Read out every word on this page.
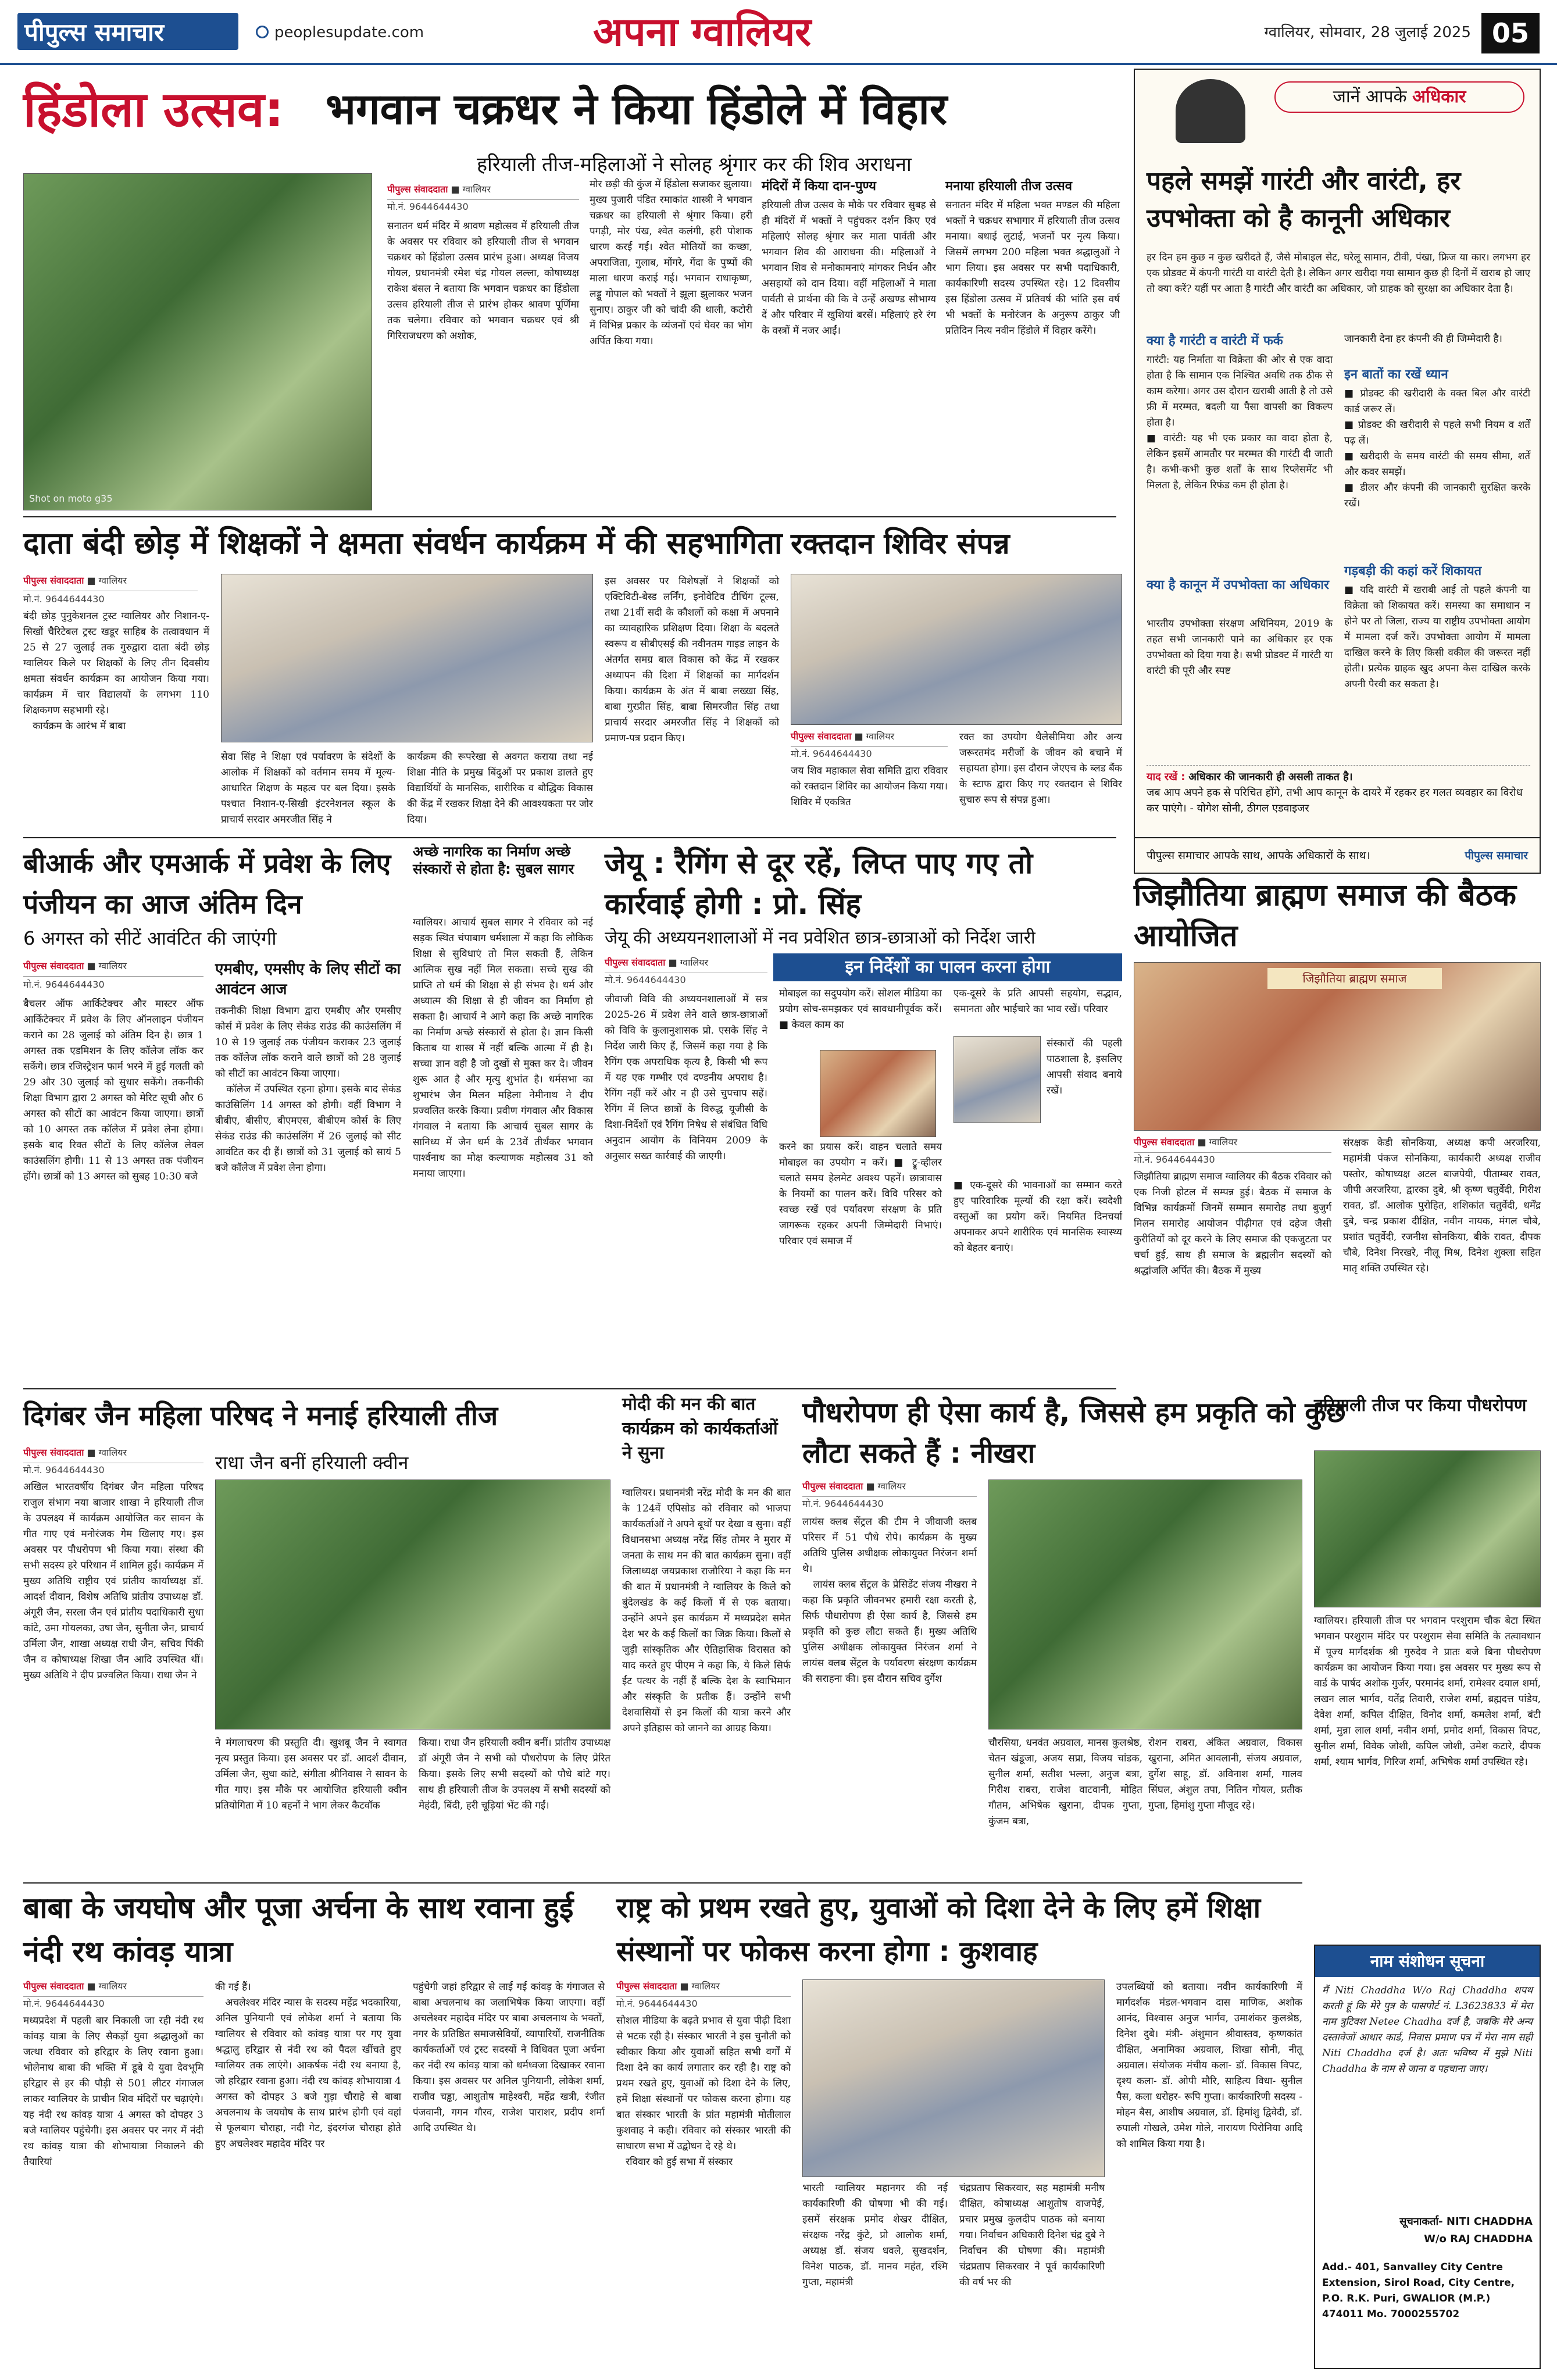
पीपुल्स समाचार	peoplesupdate.com	अपना ग्वालियर	ग्वालियर, सोमवार, 28 जुलाई 2025 05
हिंडोला उत्सव: भगवान चक्रधर ने किया हिंडोले में विहार
हरियाली तीज-महिलाओं ने सोलह श्रृंगार कर की शिव अराधना
Shot on moto g35
पीपुल्स संवाददाता ■ ग्वालियर
मो.नं. 9644644430
सनातन धर्म मंदिर में श्रावण महोत्सव में हरियाली तीज के अवसर पर रविवार को हरियाली तीज से भगवान चक्रधर को हिंडोला उत्सव प्रारंभ हुआ। अध्यक्ष विजय गोयल, प्रधानमंत्री रमेश चंद्र गोयल लल्ला, कोषाध्यक्ष राकेश बंसल ने बताया कि भगवान चक्रधर का हिंडोला उत्सव हरियाली तीज से प्रारंभ होकर श्रावण पूर्णिमा तक चलेगा। रविवार को भगवान चक्रधर एवं श्री गिरिराजधरण को अशोक,
मोर छड़ी की कुंज में हिंडोला सजाकर झुलाया। मुख्य पुजारी पंडित रमाकांत शास्त्री ने भगवान चक्रधर का हरियाली से श्रृंगार किया। हरी पगड़ी, मोर पंख, श्वेत कलंगी, हरी पोशाक धारण करई गई। श्वेत मोतियों का कच्छा, अपराजिता, गुलाब, मोंगरे, गेंदा के पुष्पों की माला धारण कराई गई। भगवान राधाकृष्ण, लड्डू गोपाल को भक्तों ने झूला झुलाकर भजन सुनाए। ठाकुर जी को चांदी की थाली, कटोरी में विभिन्न प्रकार के व्यंजनों एवं घेवर का भोग अर्पित किया गया।
मंदिरों में किया दान-पुण्य
हरियाली तीज उत्सव के मौके पर रविवार सुबह से ही मंदिरों में भक्तों ने पहुंचकर दर्शन किए एवं महिलाएं सोलह श्रृंगार कर माता पार्वती और भगवान शिव की आराधना की। महिलाओं ने भगवान शिव से मनोकामनाएं मांगकर निर्धन और असहायों को दान दिया। वहीं महिलाओं ने माता पार्वती से प्रार्थना की कि वे उन्हें अखण्ड सौभाग्य दें और परिवार में खुशियां बरसें। महिलाएं हरे रंग के वस्त्रों में नजर आईं।
मनाया हरियाली तीज उत्सव
सनातन मंदिर में महिला भक्त मण्डल की महिला भक्तों ने चक्रधर सभागार में हरियाली तीज उत्सव मनाया। बधाई लुटाई, भजनों पर नृत्य किया। जिसमें लगभग 200 महिला भक्त श्रद्धालुओं ने भाग लिया। इस अवसर पर सभी पदाधिकारी, कार्यकारिणी सदस्य उपस्थित रहे। 12 दिवसीय इस हिंडोला उत्सव में प्रतिवर्ष की भांति इस वर्ष भी भक्तों के मनोरंजन के अनुरूप ठाकुर जी प्रतिदिन नित्य नवीन हिंडोले में विहार करेंगे।
जानें आपके अधिकार
पहले समझें गारंटी और वारंटी, हर उपभोक्ता को है कानूनी अधिकार
हर दिन हम कुछ न कुछ खरीदते हैं, जैसे मोबाइल सेट, घरेलू सामान, टीवी, पंखा, फ्रिज या कार। लगभग हर एक प्रोडक्ट में कंपनी गारंटी या वारंटी देती है। लेकिन अगर खरीदा गया सामान कुछ ही दिनों में खराब हो जाए तो क्या करें? यहीं पर आता है गारंटी और वारंटी का अधिकार, जो ग्राहक को सुरक्षा का अधिकार देता है।
क्या है गारंटी व वारंटी में फर्क
गारंटी: यह निर्माता या विक्रेता की ओर से एक वादा होता है कि सामान एक निश्चित अवधि तक ठीक से काम करेगा। अगर उस दौरान खराबी आती है तो उसे फ्री में मरम्मत, बदली या पैसा वापसी का विकल्प होता है।
■ वारंटी: यह भी एक प्रकार का वादा होता है, लेकिन इसमें आमतौर पर मरम्मत की गारंटी दी जाती है। कभी-कभी कुछ शर्तों के साथ रिप्लेसमेंट भी मिलता है, लेकिन रिफंड कम ही होता है।
क्या है कानून में उपभोक्ता का अधिकार
भारतीय उपभोक्ता संरक्षण अधिनियम, 2019 के तहत सभी जानकारी पाने का अधिकार हर एक उपभोक्ता को दिया गया है। सभी प्रोडक्ट में गारंटी या वारंटी की पूरी और स्पष्ट
जानकारी देना हर कंपनी की ही जिम्मेदारी है।
इन बातों का रखें ध्यान
■ प्रोडक्ट की खरीदारी के वक्त बिल और वारंटी कार्ड जरूर लें।
■ प्रोडक्ट की खरीदारी से पहले सभी नियम व शर्तें पढ़ लें।
■ खरीदारी के समय वारंटी की समय सीमा, शर्तें और कवर समझें।
■ डीलर और कंपनी की जानकारी सुरक्षित करके रखें।
गड़बड़ी की कहां करें शिकायत
■ यदि वारंटी में खराबी आई तो पहले कंपनी या विक्रेता को शिकायत करें। समस्या का समाधान न होने पर तो जिला, राज्य या राष्ट्रीय उपभोक्ता आयोग में मामला दर्ज करें। उपभोक्ता आयोग में मामला दाखिल करने के लिए किसी वकील की जरूरत नहीं होती। प्रत्येक ग्राहक खुद अपना केस दाखिल करके अपनी पैरवी कर सकता है।
याद रखें : अधिकार की जानकारी ही असली ताकत है।
जब आप अपने हक से परिचित होंगे, तभी आप कानून के दायरे में रहकर हर गलत व्यवहार का विरोध कर पाएंगे। - योगेश सोनी, ठीगल एडवाइजर
पीपुल्स समाचार आपके साथ, आपके अधिकारों के साथ।	पीपुल्स समाचार
दाता बंदी छोड़ में शिक्षकों ने क्षमता संवर्धन कार्यक्रम में की सहभागिता
पीपुल्स संवाददाता ■ ग्वालियर
मो.नं. 9644644430
बंदी छोड़ पुनुकेशनल ट्रस्ट ग्वालियर और निशान-ए-सिखों चैरिटेबल ट्रस्ट खडूर साहिब के तत्वावधान में 25 से 27 जुलाई तक गुरुद्वारा दाता बंदी छोड़ ग्वालियर किले पर शिक्षकों के लिए तीन दिवसीय क्षमता संवर्धन कार्यक्रम का आयोजन किया गया। कार्यक्रम में चार विद्यालयों के लगभग 110 शिक्षकगण सहभागी रहे।
कार्यक्रम के आरंभ में बाबा
सेवा सिंह ने शिक्षा एवं पर्यावरण के संदेशों के आलोक में शिक्षकों को वर्तमान समय में मूल्य-आधारित शिक्षण के महत्व पर बल दिया। इसके पश्चात निशान-ए-सिखी इंटरनेशनल स्कूल के प्राचार्य सरदार अमरजीत सिंह ने
कार्यक्रम की रूपरेखा से अवगत कराया तथा नई शिक्षा नीति के प्रमुख बिंदुओं पर प्रकाश डालते हुए विद्यार्थियों के मानसिक, शारीरिक व बौद्धिक विकास की केंद्र में रखकर शिक्षा देने की आवश्यकता पर जोर दिया।
इस अवसर पर विशेषज्ञों ने शिक्षकों को एक्टिविटी-बेस्ड लर्निंग, इनोवेटिव टीचिंग टूल्स, तथा 21वीं सदी के कौशलों को कक्षा में अपनाने का व्यावहारिक प्रशिक्षण दिया। शिक्षा के बदलते स्वरूप व सीबीएसई की नवीनतम गाइड लाइन के अंतर्गत समग्र बाल विकास को केंद्र में रखकर अध्यापन की दिशा में शिक्षकों का मार्गदर्शन किया। कार्यक्रम के अंत में बाबा लख्खा सिंह, बाबा गुरप्रीत सिंह, बाबा सिमरजीत सिंह तथा प्राचार्य सरदार अमरजीत सिंह ने शिक्षकों को प्रमाण-पत्र प्रदान किए।
रक्तदान शिविर संपन्न
पीपुल्स संवाददाता ■ ग्वालियर
मो.नं. 9644644430
जय शिव महाकाल सेवा समिति द्वारा रविवार को रक्तदान शिविर का आयोजन किया गया। शिविर में एकत्रित
रक्त का उपयोग थैलेसीमिया और अन्य जरूरतमंद मरीजों के जीवन को बचाने में सहायता होगा। इस दौरान जेएएच के ब्लड बैंक के स्टाफ द्वारा किए गए रक्तदान से शिविर सुचारु रूप से संपन्न हुआ।
बीआर्क और एमआर्क में प्रवेश के लिए पंजीयन का आज अंतिम दिन
6 अगस्त को सीटें आवंटित की जाएंगी
पीपुल्स संवाददाता ■ ग्वालियर
मो.नं. 9644644430
बैचलर ऑफ आर्किटेक्चर और मास्टर ऑफ आर्किटेक्चर में प्रवेश के लिए ऑनलाइन पंजीयन कराने का 28 जुलाई को अंतिम दिन है। छात्र 1 अगस्त तक एडमिशन के लिए कॉलेज लॉक कर सकेंगे। छात्र रजिस्ट्रेशन फार्म भरने में हुई गलती को 29 और 30 जुलाई को सुधार सकेंगे। तकनीकी शिक्षा विभाग द्वारा 2 अगस्त को मेरिट सूची और 6 अगस्त को सीटों का आवंटन किया जाएगा। छात्रों को 10 अगस्त तक कॉलेज में प्रवेश लेना होगा। इसके बाद रिक्त सीटों के लिए कॉलेज लेवल काउंसलिंग होगी। 11 से 13 अगस्त तक पंजीयन होंगे। छात्रों को 13 अगस्त को सुबह 10:30 बजे
एमबीए, एमसीए के लिए सीटों का आवंटन आज
तकनीकी शिक्षा विभाग द्वारा एमबीए और एमसीए कोर्स में प्रवेश के लिए सेकंड राउंड की काउंसलिंग में 10 से 19 जुलाई तक पंजीयन कराकर 23 जुलाई तक कॉलेज लॉक कराने वाले छात्रों को 28 जुलाई को सीटों का आवंटन किया जाएगा।
कॉलेज में उपस्थित रहना होगा। इसके बाद सेकंड काउंसिलिंग 14 अगस्त को होगी। वहीं विभाग ने बीबीए, बीसीए, बीएमएस, बीबीएम कोर्स के लिए सेकंड राउंड की काउंसलिंग में 26 जुलाई को सीट आवंटित कर दी हैं। छात्रों को 31 जुलाई को सायं 5 बजे कॉलेज में प्रवेश लेना होगा।
अच्छे नागरिक का निर्माण अच्छे संस्कारों से होता है: सुबल सागर
ग्वालियर। आचार्य सुबल सागर ने रविवार को नई सड़क स्थित चंपाबाग धर्मशाला में कहा कि लौकिक शिक्षा से सुविधाएं तो मिल सकती हैं, लेकिन आत्मिक सुख नहीं मिल सकता। सच्चे सुख की प्राप्ति तो धर्म की शिक्षा से ही संभव है। धर्म और अध्यात्म की शिक्षा से ही जीवन का निर्माण हो सकता है। आचार्य ने आगे कहा कि अच्छे नागरिक का निर्माण अच्छे संस्कारों से होता है। ज्ञान किसी किताब या शास्त्र में नहीं बल्कि आत्मा में ही है। सच्चा ज्ञान वही है जो दुखों से मुक्त कर दे। जीवन शुरू आत है और मृत्यु शुभांत है। धर्मसभा का शुभारंभ जैन मिलन महिला नेमीनाथ ने दीप प्रज्वलित करके किया। प्रवीण गंगवाल और विकास गंगवाल ने बताया कि आचार्य सुबल सागर के सानिध्य में जैन धर्म के 23वें तीर्थंकर भगवान पार्श्वनाथ का मोक्ष कल्याणक महोत्सव 31 को मनाया जाएगा।
जेयू : रैगिंग से दूर रहें, लिप्त पाए गए तो कार्रवाई होगी : प्रो. सिंह
जेयू की अध्ययनशालाओं में नव प्रवेशित छात्र-छात्राओं को निर्देश जारी
पीपुल्स संवाददाता ■ ग्वालियर
मो.नं. 9644644430
इन निर्देशों का पालन करना होगा
जीवाजी विवि की अध्ययनशालाओं में सत्र 2025-26 में प्रवेश लेने वाले छात्र-छात्राओं को विवि के कुलानुशासक प्रो. एसके सिंह ने निर्देश जारी किए हैं, जिसमें कहा गया है कि रैगिंग एक अपराधिक कृत्य है, किसी भी रूप में यह एक गम्भीर एवं दण्डनीय अपराध है। रैगिंग नहीं करें और न ही उसे चुपचाप सहें। रैगिंग में लिप्त छात्रों के विरुद्ध यूजीसी के दिशा-निर्देशों एवं रैगिंग निषेध से संबंधित विधि अनुदान आयोग के विनियम 2009 के अनुसार सख्त कार्रवाई की जाएगी।
मोबाइल का सदुपयोग करें। सोशल मीडिया का प्रयोग सोच-समझकर एवं सावधानीपूर्वक करें। ■ केवल काम का
करने का प्रयास करें। वाहन चलाते समय मोबाइल का उपयोग न करें। ■ ट्रू-व्हीलर चलाते समय हेलमेट अवश्य पहनें। छात्रावास के नियमों का पालन करें। विवि परिसर को स्वच्छ रखें एवं पर्यावरण संरक्षण के प्रति जागरूक रहकर अपनी जिम्मेदारी निभाएं। परिवार एवं समाज में
एक-दूसरे के प्रति आपसी सहयोग, सद्भाव, समानता और भाईचारे का भाव रखें। परिवार
संस्कारों की पहली पाठशाला है, इसलिए आपसी संवाद बनाये रखें।
■ एक-दूसरे की भावनाओं का सम्मान करते हुए पारिवारिक मूल्यों की रक्षा करें। स्वदेशी वस्तुओं का प्रयोग करें। नियमित दिनचर्या अपनाकर अपने शारीरिक एवं मानसिक स्वास्थ्य को बेहतर बनाएं।
जिझौतिया ब्राह्मण समाज की बैठक आयोजित
जिझौतिया ब्राह्मण समाज
पीपुल्स संवाददाता ■ ग्वालियर
मो.नं. 9644644430
जिझौतिया ब्राह्मण समाज ग्वालियर की बैठक रविवार को एक निजी होटल में सम्पन्न हुई। बैठक में समाज के विभिन्न कार्यक्रमों जिनमें सम्मान समारोह तथा बुजुर्ग मिलन समारोह आयोजन पीढ़ीगत एवं दहेज जैसी कुरीतियों को दूर करने के लिए समाज की एकजुटता पर चर्चा हुई, साथ ही समाज के ब्रह्मलीन सदस्यों को श्रद्धांजलि अर्पित की। बैठक में मुख्य
संरक्षक केडी सोनकिया, अध्यक्ष कपी अरजरिया, महामंत्री पंकज सोनकिया, कार्यकारी अध्यक्ष राजीव पस्तोर, कोषाध्यक्ष अटल बाजपेयी, पीताम्बर रावत, जीपी अरजरिया, द्वारका दुबे, श्री कृष्ण चतुर्वेदी, गिरीश रावत, डॉ. आलोक पुरोहित, शशिकांत चतुर्वेदी, धर्मेंद्र दुबे, चन्द्र प्रकाश दीक्षित, नवीन नायक, मंगल चौबे, प्रशांत चतुर्वेदी, रजनीश सोनकिया, बीके रावत, दीपक चौबे, दिनेश निरखरे, नीलू मिश्र, दिनेश शुक्ला सहित मातृ शक्ति उपस्थित रहे।
दिगंबर जैन महिला परिषद ने मनाई हरियाली तीज
पीपुल्स संवाददाता ■ ग्वालियर
मो.नं. 9644644430
अखिल भारतवर्षीय दिगंबर जैन महिला परिषद राजुल संभाग नया बाजार शाखा ने हरियाली तीज के उपलक्ष्य में कार्यक्रम आयोजित कर सावन के गीत गाए एवं मनोरंजक गेम खिलाए गए। इस अवसर पर पौधरोपण भी किया गया। संस्था की सभी सदस्य हरे परिधान में शामिल हुईं। कार्यक्रम में मुख्य अतिथि राष्ट्रीय एवं प्रांतीय कार्याध्यक्ष डॉ. आदर्श दीवान, विशेष अतिथि प्रांतीय उपाध्यक्ष डॉ. अंगूरी जैन, सरला जैन एवं प्रांतीय पदाधिकारी सुधा कांटे, उमा गोयलका, उषा जैन, सुनीता जैन, प्राचार्य उर्मिला जैन, शाखा अध्यक्ष राधी जैन, सचिव पिंकी जैन व कोषाध्यक्ष शिखा जैन आदि उपस्थित थीं। मुख्य अतिथि ने दीप प्रज्वलित किया। राधा जैन ने
राधा जैन बनीं हरियाली क्वीन
ने मंगलाचरण की प्रस्तुति दी। खुशबू जैन ने स्वागत नृत्य प्रस्तुत किया। इस अवसर पर डॉ. आदर्श दीवान, उर्मिला जैन, सुधा कांटे, संगीता श्रीनिवास ने सावन के गीत गाए। इस मौके पर आयोजित हरियाली क्वीन प्रतियोगिता में 10 बहनों ने भाग लेकर कैटवॉक
किया। राधा जैन हरियाली क्वीन बनीं। प्रांतीय उपाध्यक्ष डॉ अंगूरी जैन ने सभी को पौधरोपण के लिए प्रेरित किया। इसके लिए सभी सदस्यों को पौधे बांटे गए। साथ ही हरियाली तीज के उपलक्ष्य में सभी सदस्यों को मेहंदी, बिंदी, हरी चूड़ियां भेंट की गईं।
मोदी की मन की बात कार्यक्रम को कार्यकर्ताओं ने सुना
ग्वालियर। प्रधानमंत्री नरेंद्र मोदी के मन की बात के 124वें एपिसोड को रविवार को भाजपा कार्यकर्ताओं ने अपने बूथों पर देखा व सुना। वहीं विधानसभा अध्यक्ष नरेंद्र सिंह तोमर ने मुरार में जनता के साथ मन की बात कार्यक्रम सुना। वहीं जिलाध्यक्ष जयप्रकाश राजौरिया ने कहा कि मन की बात में प्रधानमंत्री ने ग्वालियर के किले को बुंदेलखंड के कई किलों में से एक बताया। उन्होंने अपने इस कार्यक्रम में मध्यप्रदेश समेत देश भर के कई किलों का जिक्र किया। किलों से जुड़ी सांस्कृतिक और ऐतिहासिक विरासत को याद करते हुए पीएम ने कहा कि, ये किले सिर्फ ईंट पत्थर के नहीं हैं बल्कि देश के स्वाभिमान और संस्कृति के प्रतीक हैं। उन्होंने सभी देशवासियों से इन किलों की यात्रा करने और अपने इतिहास को जानने का आग्रह किया।
पौधरोपण ही ऐसा कार्य है, जिससे हम प्रकृति को कुछ लौटा सकते हैं : नीखरा
पीपुल्स संवाददाता ■ ग्वालियर
मो.नं. 9644644430
लायंस क्लब सेंट्रल की टीम ने जीवाजी क्लब परिसर में 51 पौधे रोपे। कार्यक्रम के मुख्य अतिथि पुलिस अधीक्षक लोकायुक्त निरंजन शर्मा थे।
लायंस क्लब सेंट्रल के प्रेसिडेंट संजय नीखरा ने कहा कि प्रकृति जीवनभर हमारी रक्षा करती है, सिर्फ पौधारोपण ही ऐसा कार्य है, जिससे हम प्रकृति को कुछ लौटा सकते हैं। मुख्य अतिथि पुलिस अधीक्षक लोकायुक्त निरंजन शर्मा ने लायंस क्लब सेंट्रल के पर्यावरण संरक्षण कार्यक्रम की सराहना की। इस दौरान सचिव दुर्गेश
चौरसिया, धनवंत अग्रवाल, मानस कुलश्रेष्ठ, चेतन खंडूजा, अजय सप्रा, विजय चांडक, सुनील शर्मा, सतीश भल्ला, अनुज बत्रा, गिरीश राबरा, राजेश वाटवानी, मोहित गौतम, अभिषेक खुराना, दीपक गुप्ता, कुंजम बत्रा,
रोशन राबरा, अंकित अग्रवाल, विकास खुराना, अमित आवलानी, संजय अग्रवाल, दुर्गेश साहू, डॉ. अविनाश शर्मा, गालव सिंघल, अंशुल तपा, नितिन गोयल, प्रतीक गुप्ता, हिमांशु गुप्ता मौजूद रहे।
हरियाली तीज पर किया पौधरोपण
ग्वालियर। हरियाली तीज पर भगवान परशुराम चौक बेटा स्थित भगवान परशुराम मंदिर पर परशुराम सेवा समिति के तत्वावधान में पूज्य मार्गदर्शक श्री गुरुदेव ने प्रातः बजे बिना पौधरोपण कार्यक्रम का आयोजन किया गया। इस अवसर पर मुख्य रूप से वार्ड के पार्षद अशोक गुर्जर, परमानंद शर्मा, रामेश्वर दयाल शर्मा, लखन लाल भार्गव, यतेंद्र तिवारी, राजेश शर्मा, ब्रह्मदत्त पांडेय, देवेश शर्मा, कपिल दीक्षित, विनोद शर्मा, कमलेश शर्मा, बंटी शर्मा, मुन्ना लाल शर्मा, नवीन शर्मा, प्रमोद शर्मा, विकास विपट, सुनील शर्मा, विवेक जोशी, कपिल जोशी, उमेश कटारे, दीपक शर्मा, श्याम भार्गव, गिरिज शर्मा, अभिषेक शर्मा उपस्थित रहे।
बाबा के जयघोष और पूजा अर्चना के साथ रवाना हुई नंदी रथ कांवड़ यात्रा
पीपुल्स संवाददाता ■ ग्वालियर
मो.नं. 9644644430
मध्यप्रदेश में पहली बार निकाली जा रही नंदी रथ कांवड़ यात्रा के लिए सैकड़ों युवा श्रद्धालुओं का जत्था रविवार को हरिद्वार के लिए रवाना हुआ। भोलेनाथ बाबा की भक्ति में डूबे ये युवा देवभूमि हरिद्वार से हर की पौड़ी से 501 लीटर गंगाजल लाकर ग्वालियर के प्राचीन शिव मंदिरों पर चढ़ाएंगे। यह नंदी रथ कांवड़ यात्रा 4 अगस्त को दोपहर 3 बजे ग्वालियर पहुंचेगी। इस अवसर पर नगर में नंदी रथ कांवड़ यात्रा की शोभायात्रा निकालने की तैयारियां
की गई हैं।
अचलेश्वर मंदिर न्यास के सदस्य महेंद्र भदकारिया, अनिल पुनियानी एवं लोकेश शर्मा ने बताया कि ग्वालियर से रविवार को कांवड़ यात्रा पर गए युवा श्रद्धालु हरिद्वार से नंदी रथ को पैदल खींचते हुए ग्वालियर तक लाएंगे। आकर्षक नंदी रथ बनाया है, जो हरिद्वार रवाना हुआ। नंदी रथ कांवड़ शोभायात्रा 4 अगस्त को दोपहर 3 बजे गुड़ा चौराहे से बाबा अचलनाथ के जयघोष के साथ प्रारंभ होगी एवं वहां से फूलबाग चौराहा, नदी गेट, इंदरगंज चौराहा होते हुए अचलेश्वर महादेव मंदिर पर
पहुंचेगी जहां हरिद्वार से लाई गई कांवड़ के गंगाजल से बाबा अचलनाथ का जलाभिषेक किया जाएगा। वहीं अचलेश्वर महादेव मंदिर पर बाबा अचलनाथ के भक्तों, नगर के प्रतिष्ठित समाजसेवियों, व्यापारियों, राजनीतिक कार्यकर्ताओं एवं ट्रस्ट सदस्यों ने विधिवत पूजा अर्चना कर नंदी रथ कांवड़ यात्रा को धर्मध्वजा दिखाकर रवाना किया। इस अवसर पर अनिल पुनियानी, लोकेश शर्मा, राजीव चड्ढा, आशुतोष माहेश्वरी, महेंद्र खत्री, रंजीत पंजवानी, गगन गौरव, राजेश पाराशर, प्रदीप शर्मा आदि उपस्थित थे।
राष्ट्र को प्रथम रखते हुए, युवाओं को दिशा देने के लिए हमें शिक्षा संस्थानों पर फोकस करना होगा : कुशवाह
पीपुल्स संवाददाता ■ ग्वालियर
मो.नं. 9644644430
सोशल मीडिया के बढ़ते प्रभाव से युवा पीढ़ी दिशा से भटक रही है। संस्कार भारती ने इस चुनौती को स्वीकार किया और युवाओं सहित सभी वर्गों में दिशा देने का कार्य लगातार कर रही है। राष्ट्र को प्रथम रखते हुए, युवाओं को दिशा देने के लिए, हमें शिक्षा संस्थानों पर फोकस करना होगा। यह बात संस्कार भारती के प्रांत महामंत्री मोतीलाल कुशवाह ने कही। रविवार को संस्कार भारती की साधारण सभा में उद्बोधन दे रहे थे।
रविवार को हुई सभा में संस्कार
भारती ग्वालियर महानगर की नई कार्यकारिणी की घोषणा भी की गई। इसमें संरक्षक प्रमोद शेखर दीक्षित, संरक्षक नरेंद्र कुंटे, प्रो आलोक शर्मा, अध्यक्ष डॉ. संजय धवले, सुखदर्शन, विनेश पाठक, डॉ. मानव महंत, रश्मि गुप्ता, महामंत्री
चंद्रप्रताप सिकरवार, सह महामंत्री मनीष दीक्षित, कोषाध्यक्ष आशुतोष वाजपेई, प्रचार प्रमुख कुलदीप पाठक को बनाया गया। निर्वाचन अधिकारी दिनेश चंद्र दुबे ने निर्वाचन की घोषणा की। महामंत्री चंद्रप्रताप सिकरवार ने पूर्व कार्यकारिणी की वर्ष भर की
उपलब्धियों को बताया। नवीन कार्यकारिणी में मार्गदर्शक मंडल-भगवान दास माणिक, अशोक आनंद, विश्वास अनुज भार्गव, उमाशंकर कुलश्रेष्ठ, दिनेश दुबे। मंत्री- अंशुमान श्रीवास्तव, कृष्णकांत दीक्षित, अनामिका अग्रवाल, शिखा सोनी, नीतू अग्रवाल। संयोजक मंचीय कला- डॉ. विकास विपट, दृश्य कला- डॉ. ओपी मौरि, साहित्य विधा- सुनील पैस, कला धरोहर- रूपि गुप्ता। कार्यकारिणी सदस्य - मोहन बैस, आशीष अग्रवाल, डॉ. हिमांशु द्विवेदी, डॉ. रुपाली गोखले, उमेश गोले, नारायण पिरोनिया आदि को शामिल किया गया है।
नाम संशोधन सूचना
मैं Niti Chaddha W/o Raj Chaddha शपथ करती हूं कि मेरे पुत्र के पासपोर्ट नं. L3623833 में मेरा नाम त्रुटिवश Netee Chadha दर्ज है, जबकि मेरे अन्य दस्तावेजों आधार कार्ड, निवास प्रमाण पत्र में मेरा नाम सही Niti Chaddha दर्ज है। अतः भविष्य में मुझे Niti Chaddha के नाम से जाना व पहचाना जाए।
सूचनाकर्ता- NITI CHADDHA
W/o RAJ CHADDHA
Add.- 401, Sanvalley City Centre Extension, Sirol Road, City Centre, P.O. R.K. Puri, GWALIOR (M.P.) 474011 Mo. 7000255702
